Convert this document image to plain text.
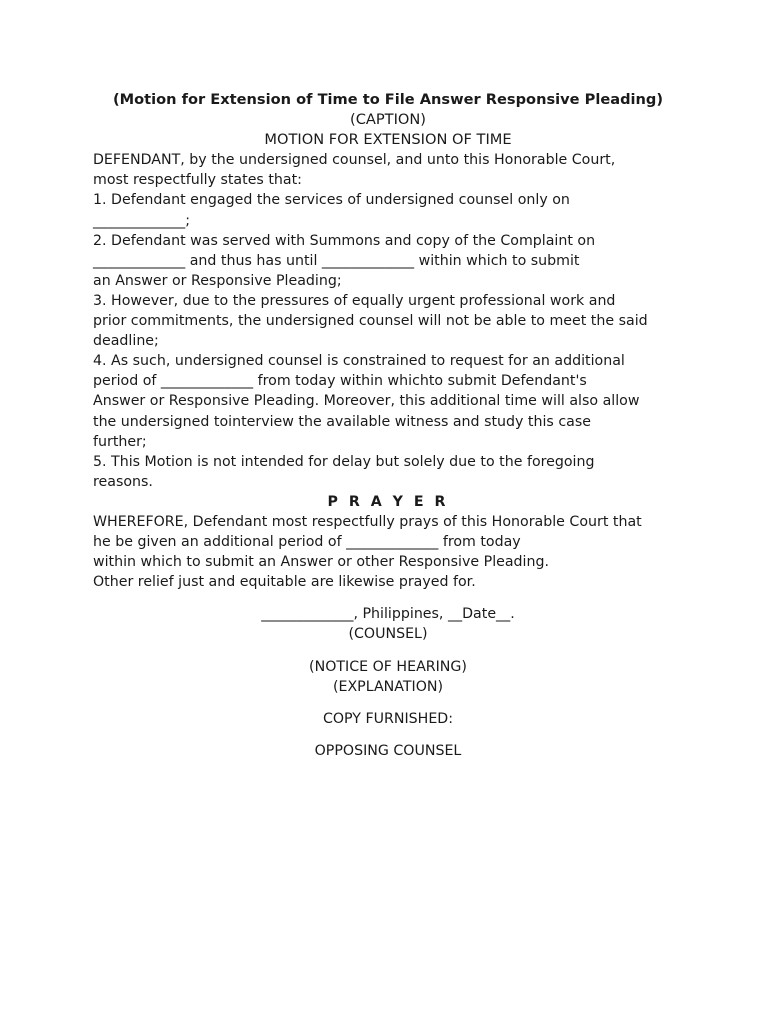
(Motion for Extension of Time to File Answer Responsive Pleading)
(CAPTION)
MOTION FOR EXTENSION OF TIME
DEFENDANT, by the undersigned counsel, and unto this Honorable Court,
most respectfully states that:
1. Defendant engaged the services of undersigned counsel only on
_____________;
2. Defendant was served with Summons and copy of the Complaint on
_____________ and thus has until _____________ within which to submit
an Answer or Responsive Pleading;
3. However, due to the pressures of equally urgent professional work and
prior commitments, the undersigned counsel will not be able to meet the said
deadline;
4. As such, undersigned counsel is constrained to request for an additional
period of _____________ from today within whichto submit Defendant's
Answer or Responsive Pleading. Moreover, this additional time will also allow
the undersigned tointerview the available witness and study this case
further;
5. This Motion is not intended for delay but solely due to the foregoing
reasons.
P R A Y E R
WHEREFORE, Defendant most respectfully prays of this Honorable Court that
he be given an additional period of _____________ from today
within which to submit an Answer or other Responsive Pleading.
Other relief just and equitable are likewise prayed for.
_____________, Philippines, __Date__.
(COUNSEL)
(NOTICE OF HEARING)
(EXPLANATION)
COPY FURNISHED:
OPPOSING COUNSEL
